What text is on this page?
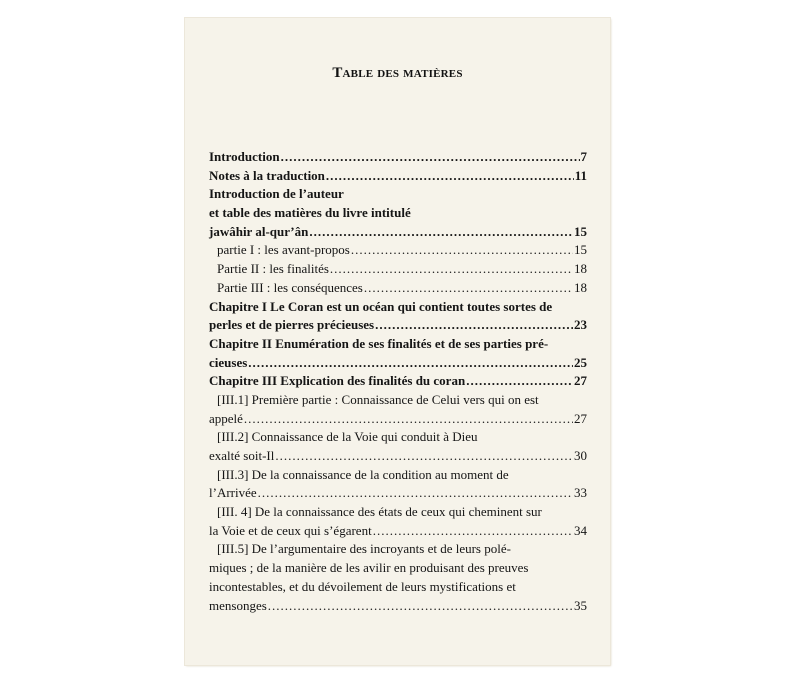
Table des matières
Introduction .....	7
Notes à la traduction .....	11
Introduction de l’auteur
et table des matières du livre intitulé
jawâhir al-qur’ân .....	15
partie I : les avant-propos .....	15
Partie II : les finalités .....	18
Partie III : les conséquences .....	18
Chapitre I Le Coran est un océan qui contient toutes sortes de
perles et de pierres précieuses .....	23
Chapitre II Enumération de ses finalités et de ses parties pré-
cieuses .....	25
Chapitre III Explication des finalités du coran .....	27
[III.1] Première partie : Connaissance de Celui vers qui on est
appelé .....	27
[III.2] Connaissance de la Voie qui conduit à Dieu
exalté soit-Il .....	30
[III.3] De la connaissance de la condition au moment de
l’Arrivée .....	33
[III. 4] De la connaissance des états de ceux qui cheminent sur
la Voie et de ceux qui s’égarent .....	34
[III.5] De l’argumentaire des incroyants et de leurs polé-
miques ; de la manière de les avilir en produisant des preuves
incontestables, et du dévoilement de leurs mystifications et
mensonges .....	35
